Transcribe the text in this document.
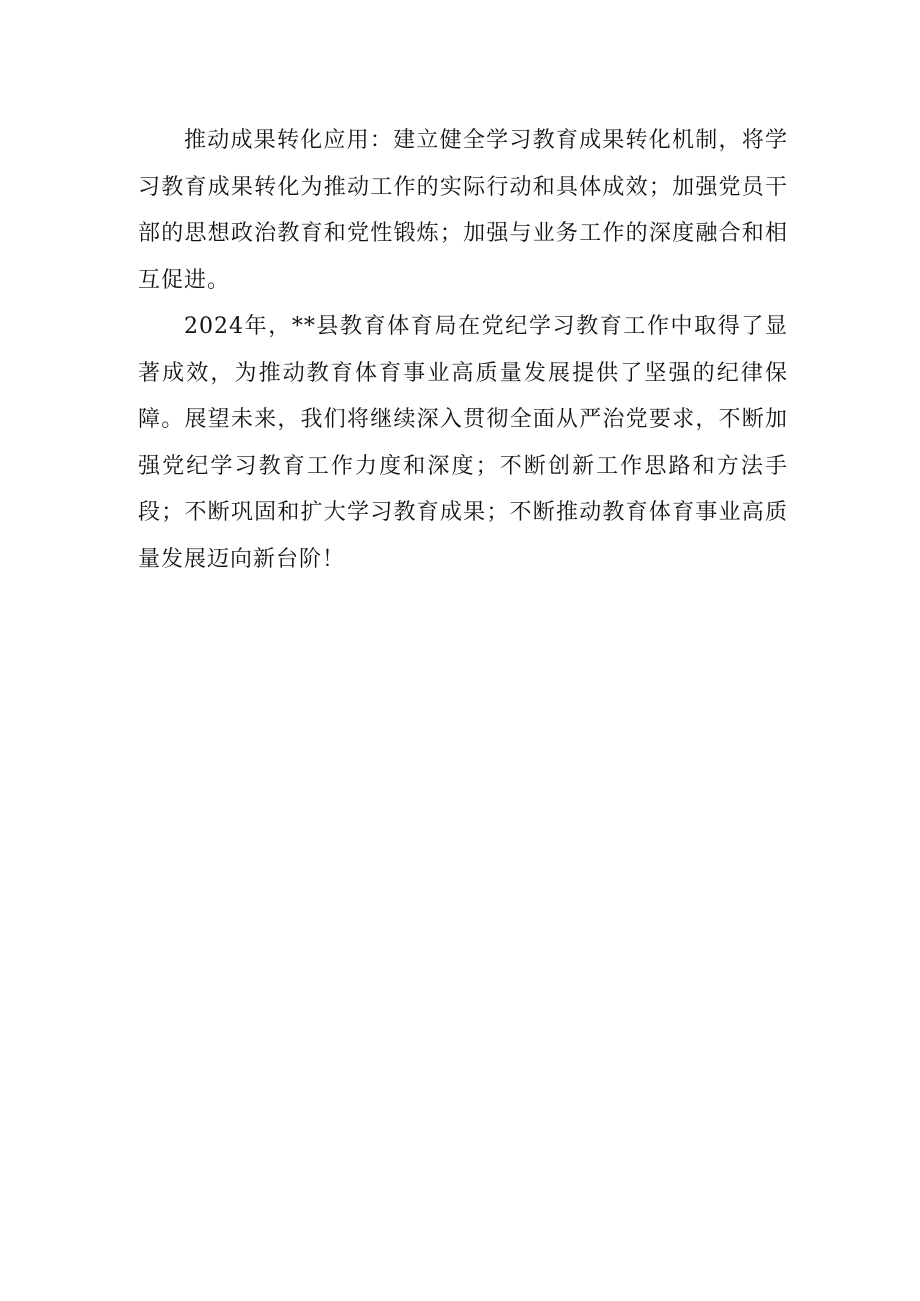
推动成果转化应用：建立健全学习教育成果转化机制，将学习教育成果转化为推动工作的实际行动和具体成效；加强党员干部的思想政治教育和党性锻炼；加强与业务工作的深度融合和相互促进。

2024年，**县教育体育局在党纪学习教育工作中取得了显著成效，为推动教育体育事业高质量发展提供了坚强的纪律保障。展望未来，我们将继续深入贯彻全面从严治党要求，不断加强党纪学习教育工作力度和深度；不断创新工作思路和方法手段；不断巩固和扩大学习教育成果；不断推动教育体育事业高质量发展迈向新台阶！
